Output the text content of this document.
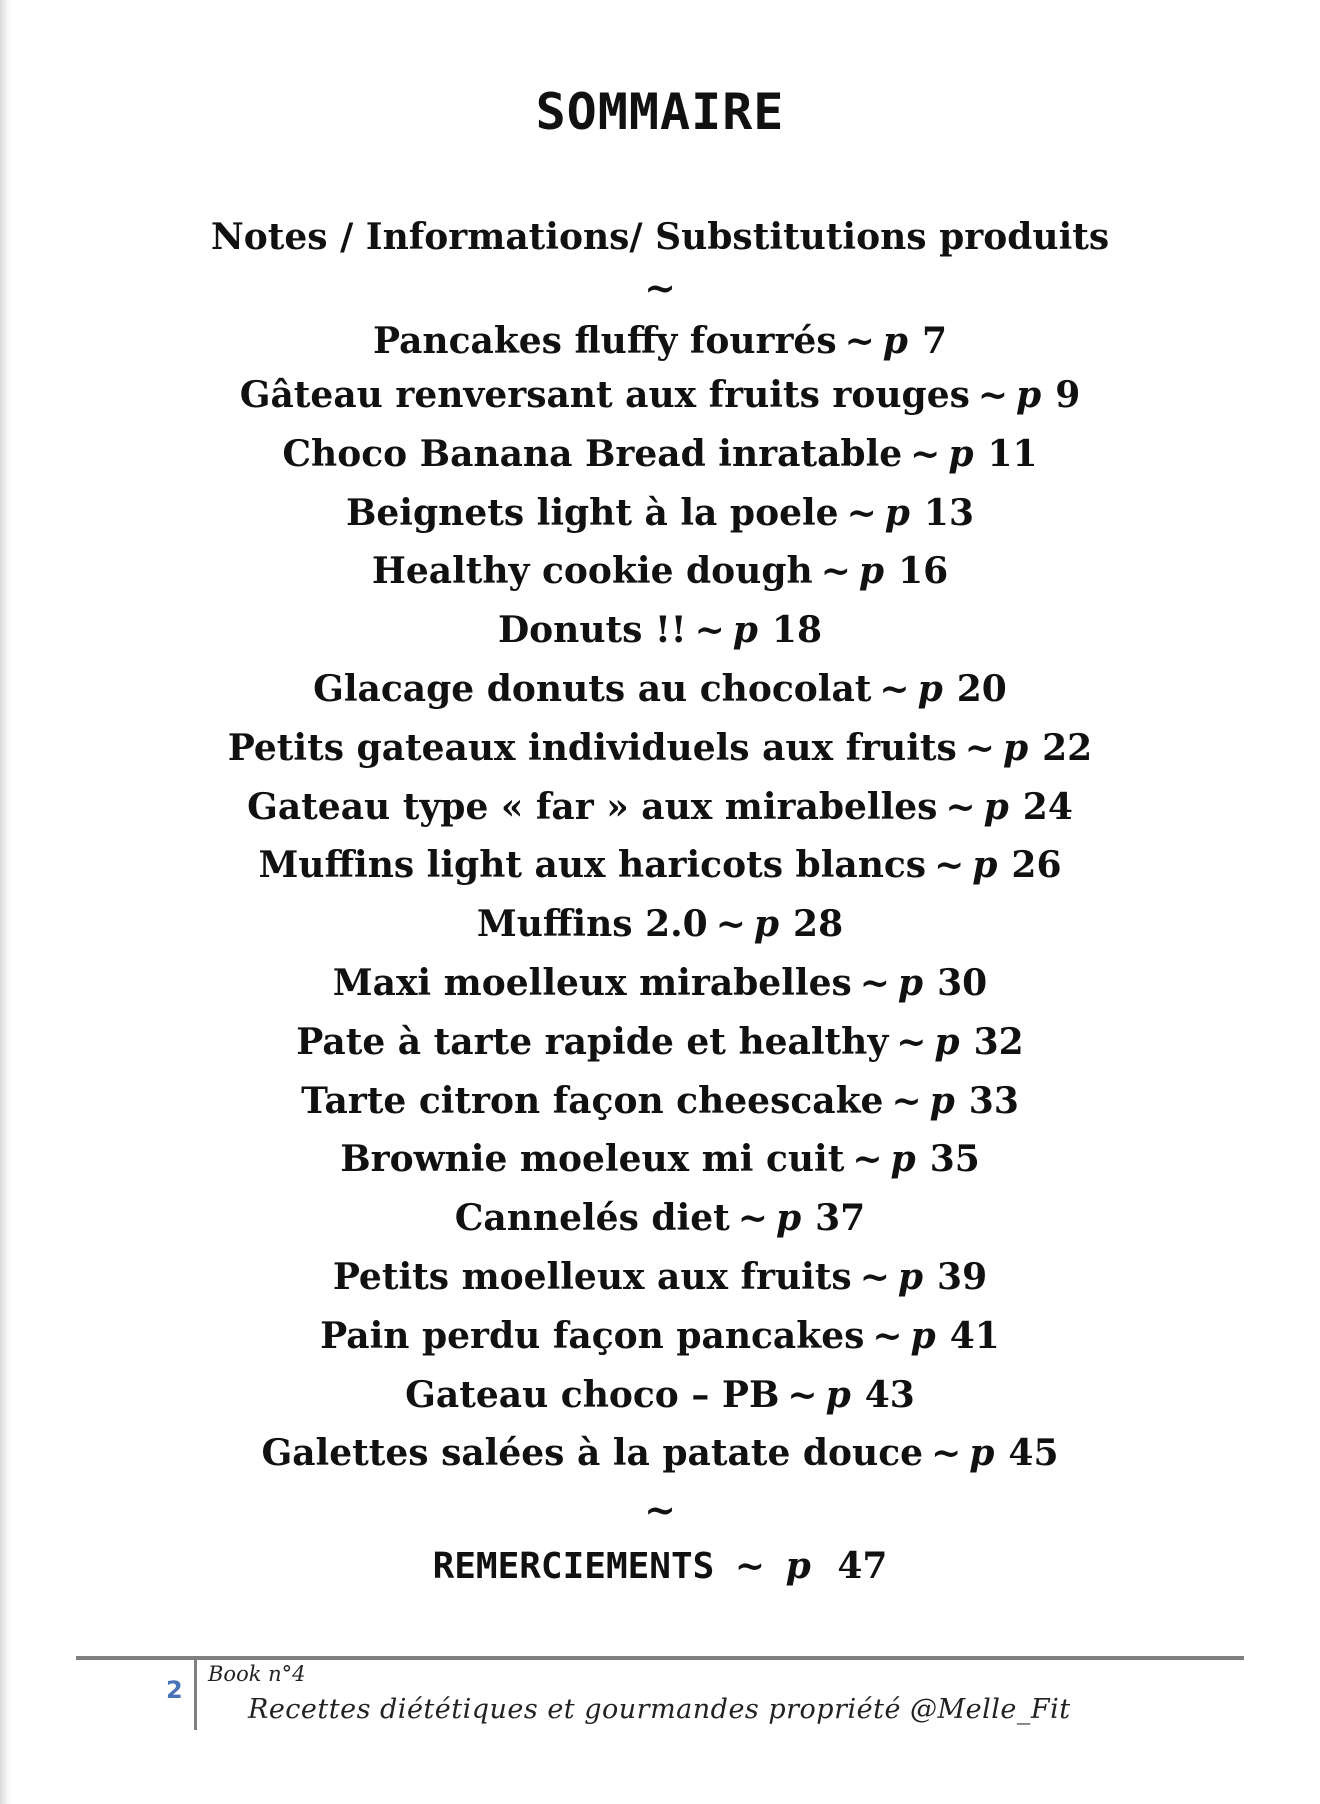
SOMMAIRE
Notes / Informations/ Substitutions produits
~
Pancakes fluffy fourrés ~ p 7
Gâteau renversant aux fruits rouges ~ p 9
Choco Banana Bread inratable ~ p 11
Beignets light à la poele ~ p 13
Healthy cookie dough ~ p 16
Donuts !! ~ p 18
Glacage donuts au chocolat ~ p 20
Petits gateaux individuels aux fruits ~ p 22
Gateau type « far » aux mirabelles ~ p 24
Muffins light aux haricots blancs ~ p 26
Muffins 2.0 ~ p 28
Maxi moelleux mirabelles ~ p 30
Pate à tarte rapide et healthy ~ p 32
Tarte citron façon cheescake ~ p 33
Brownie moeleux mi cuit ~ p 35
Cannelés diet ~ p 37
Petits moelleux aux fruits ~ p 39
Pain perdu façon pancakes ~ p 41
Gateau choco – PB ~ p 43
Galettes salées à la patate douce ~ p 45
~
REMERCIEMENTS ~ p 47
2
Book n°4
Recettes diététiques et gourmandes propriété @Melle_Fit
